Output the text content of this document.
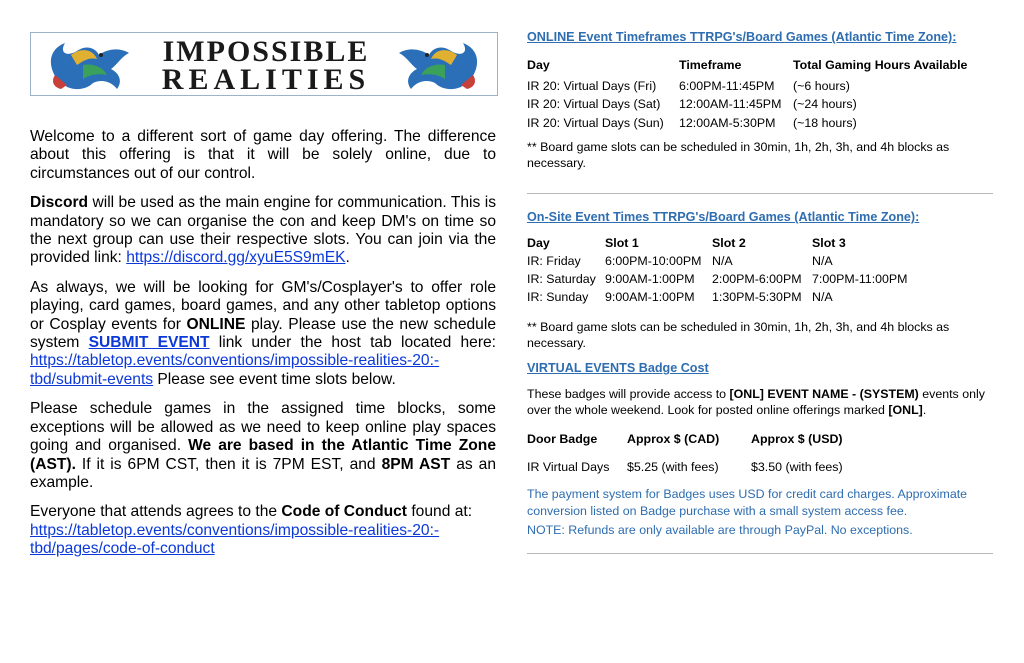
IMPOSSIBLE
REALITIES

Welcome to a different sort of game day offering. The difference about this offering is that it will be solely online, due to circumstances out of our control.

Discord will be used as the main engine for communication. This is mandatory so we can organise the con and keep DM's on time so the next group can use their respective slots. You can join via the provided link: https://discord.gg/xyuE5S9mEK.

As always, we will be looking for GM's/Cosplayer's to offer role playing, card games, board games, and any other tabletop options or Cosplay events for ONLINE play. Please use the new schedule system SUBMIT EVENT link under the host tab located here: https://tabletop.events/conventions/impossible-realities-20:-tbd/submit-events Please see event time slots below.

Please schedule games in the assigned time blocks, some exceptions will be allowed as we need to keep online play spaces going and organised. We are based in the Atlantic Time Zone (AST). If it is 6PM CST, then it is 7PM EST, and 8PM AST as an example.

Everyone that attends agrees to the Code of Conduct found at: https://tabletop.events/conventions/impossible-realities-20:-tbd/pages/code-of-conduct

ONLINE Event Timeframes TTRPG's/Board Games (Atlantic Time Zone):
Day	Timeframe	Total Gaming Hours Available
IR 20: Virtual Days (Fri)	6:00PM-11:45PM	(~6 hours)
IR 20: Virtual Days (Sat)	12:00AM-11:45PM	(~24 hours)
IR 20: Virtual Days (Sun)	12:00AM-5:30PM	(~18 hours)
** Board game slots can be scheduled in 30min, 1h, 2h, 3h, and 4h blocks as necessary.
On-Site Event Times TTRPG's/Board Games (Atlantic Time Zone):
Day	Slot 1	Slot 2	Slot 3
IR: Friday	6:00PM-10:00PM	N/A	N/A
IR: Saturday	9:00AM-1:00PM	2:00PM-6:00PM	7:00PM-11:00PM
IR: Sunday	9:00AM-1:00PM	1:30PM-5:30PM	N/A
** Board game slots can be scheduled in 30min, 1h, 2h, 3h, and 4h blocks as necessary.
VIRTUAL EVENTS Badge Cost
These badges will provide access to [ONL] EVENT NAME - (SYSTEM) events only over the whole weekend. Look for posted online offerings marked [ONL].
Door Badge	Approx $ (CAD)	Approx $ (USD)
IR Virtual Days	$5.25 (with fees)	$3.50 (with fees)
The payment system for Badges uses USD for credit card charges. Approximate conversion listed on Badge purchase with a small system access fee.
NOTE: Refunds are only available are through PayPal. No exceptions.
